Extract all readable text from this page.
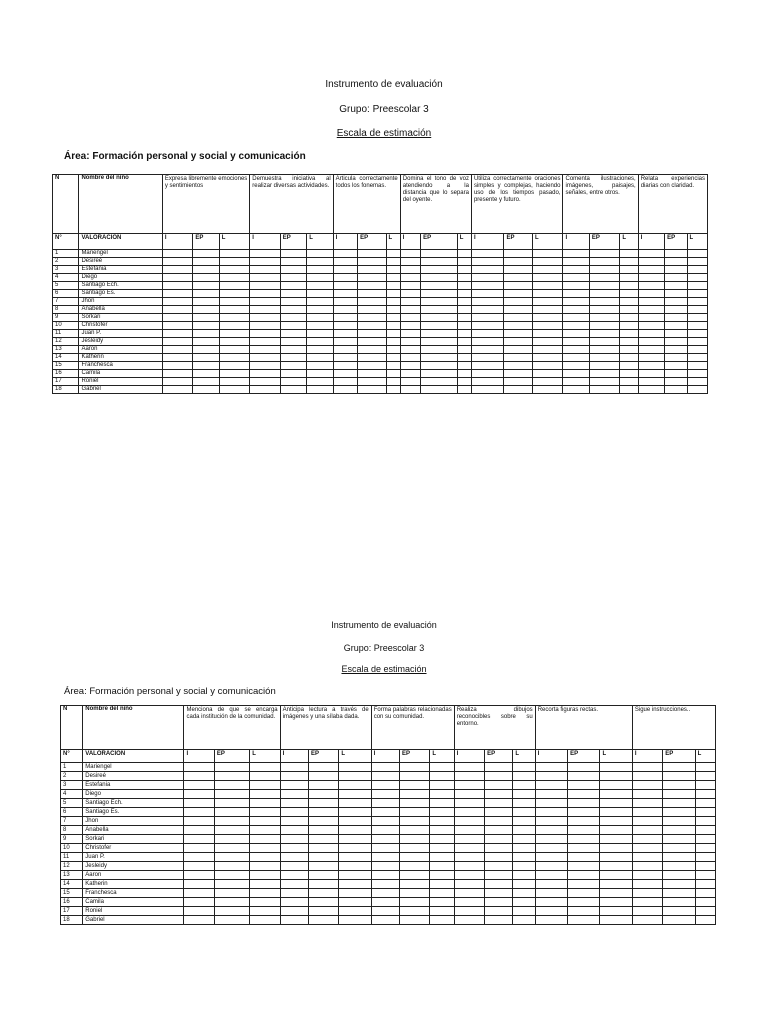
Instrumento de evaluación
Grupo: Preescolar 3
Escala de estimación
Área: Formación personal y social y comunicación
N	Nombre del niño	Expresa libremente emociones y sentimientos			Demuestra iniciativa al realizar diversas actividades.			Articula correctamente todos los fonemas.			Domina el tono de voz atendiendo a la distancia que lo separa del oyente.			Utiliza correctamente oraciones simples y complejas, haciendo uso de los tiempos pasado, presente y futuro.			Comenta ilustraciones, imágenes, paisajes, señales, entre otros.			Relata experiencias diarias con claridad.		
N°	VALORACIÓN	I	EP	L	I	EP	L	I	EP	L	I	EP	L	I	EP	L	I	EP	L	I	EP	L
1	Mariengel																					
2	Desireé																					
3	Estefania																					
4	Diego																					
5	Santiago Ech.																					
6	Santiago Es.																					
7	Jhon																					
8	Anabella																					
9	Sorkari																					
10	Christofer																					
11	Juan P.																					
12	Jesleidy																					
13	Aaron																					
14	Katherin																					
15	Franchesca																					
16	Camila																					
17	Roniel																					
18	Gabriel																					
Instrumento de evaluación
Grupo: Preescolar 3
Escala de estimación
Área: Formación personal y social y comunicación
N	Nombre del niño	Menciona de que se encarga cada institución de la comunidad.			Anticipa lectura a través de imágenes y una sílaba dada.			Forma palabras relacionadas con su comunidad.			Realiza dibujos reconocibles sobre su entorno.			Recorta figuras rectas.			Sigue instrucciones..		
N°	VALORACIÓN	I	EP	L	I	EP	L	I	EP	L	I	EP	L	I	EP	L	I	EP	L
1	Mariengel																		
2	Desireé																		
3	Estefania																		
4	Diego																		
5	Santiago Ech.																		
6	Santiago Es.																		
7	Jhon																		
8	Anabella																		
9	Sorkari																		
10	Christofer																		
11	Juan P.																		
12	Jesleidy																		
13	Aaron																		
14	Katherin																		
15	Franchesca																		
16	Camila																		
17	Roniel																		
18	Gabriel																		
